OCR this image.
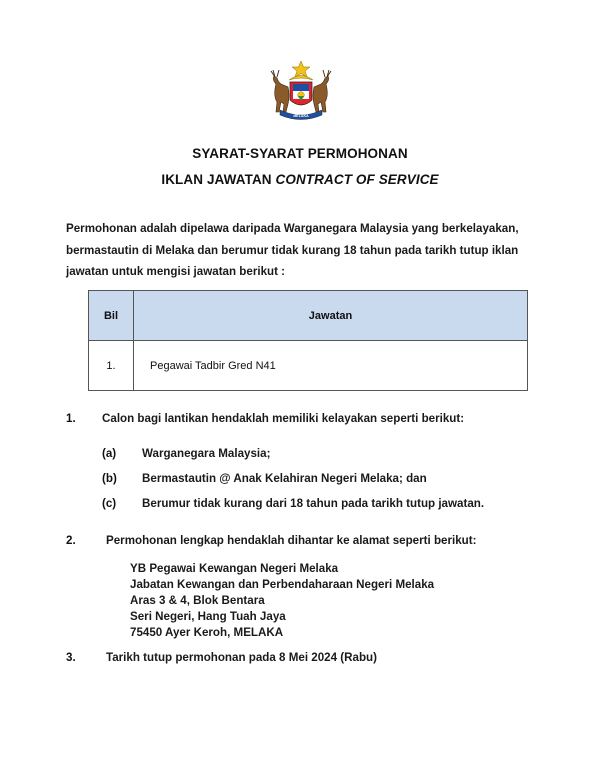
MELAKA
SYARAT-SYARAT PERMOHONAN
IKLAN JAWATAN CONTRACT OF SERVICE
Permohonan adalah dipelawa daripada Warganegara Malaysia yang berkelayakan,
bermastautin di Melaka dan berumur tidak kurang 18 tahun pada tarikh tutup iklan
jawatan untuk mengisi jawatan berikut :
Bil	Jawatan
1.	Pegawai Tadbir Gred N41
1. Calon bagi lantikan hendaklah memiliki kelayakan seperti berikut:
(a) Warganegara Malaysia;
(b) Bermastautin @ Anak Kelahiran Negeri Melaka; dan
(c) Berumur tidak kurang dari 18 tahun pada tarikh tutup jawatan.
2.	Permohonan lengkap hendaklah dihantar ke alamat seperti berikut:
YB Pegawai Kewangan Negeri Melaka
Jabatan Kewangan dan Perbendaharaan Negeri Melaka
Aras 3 & 4, Blok Bentara
Seri Negeri, Hang Tuah Jaya
75450 Ayer Keroh, MELAKA
3.	Tarikh tutup permohonan pada 8 Mei 2024 (Rabu)
